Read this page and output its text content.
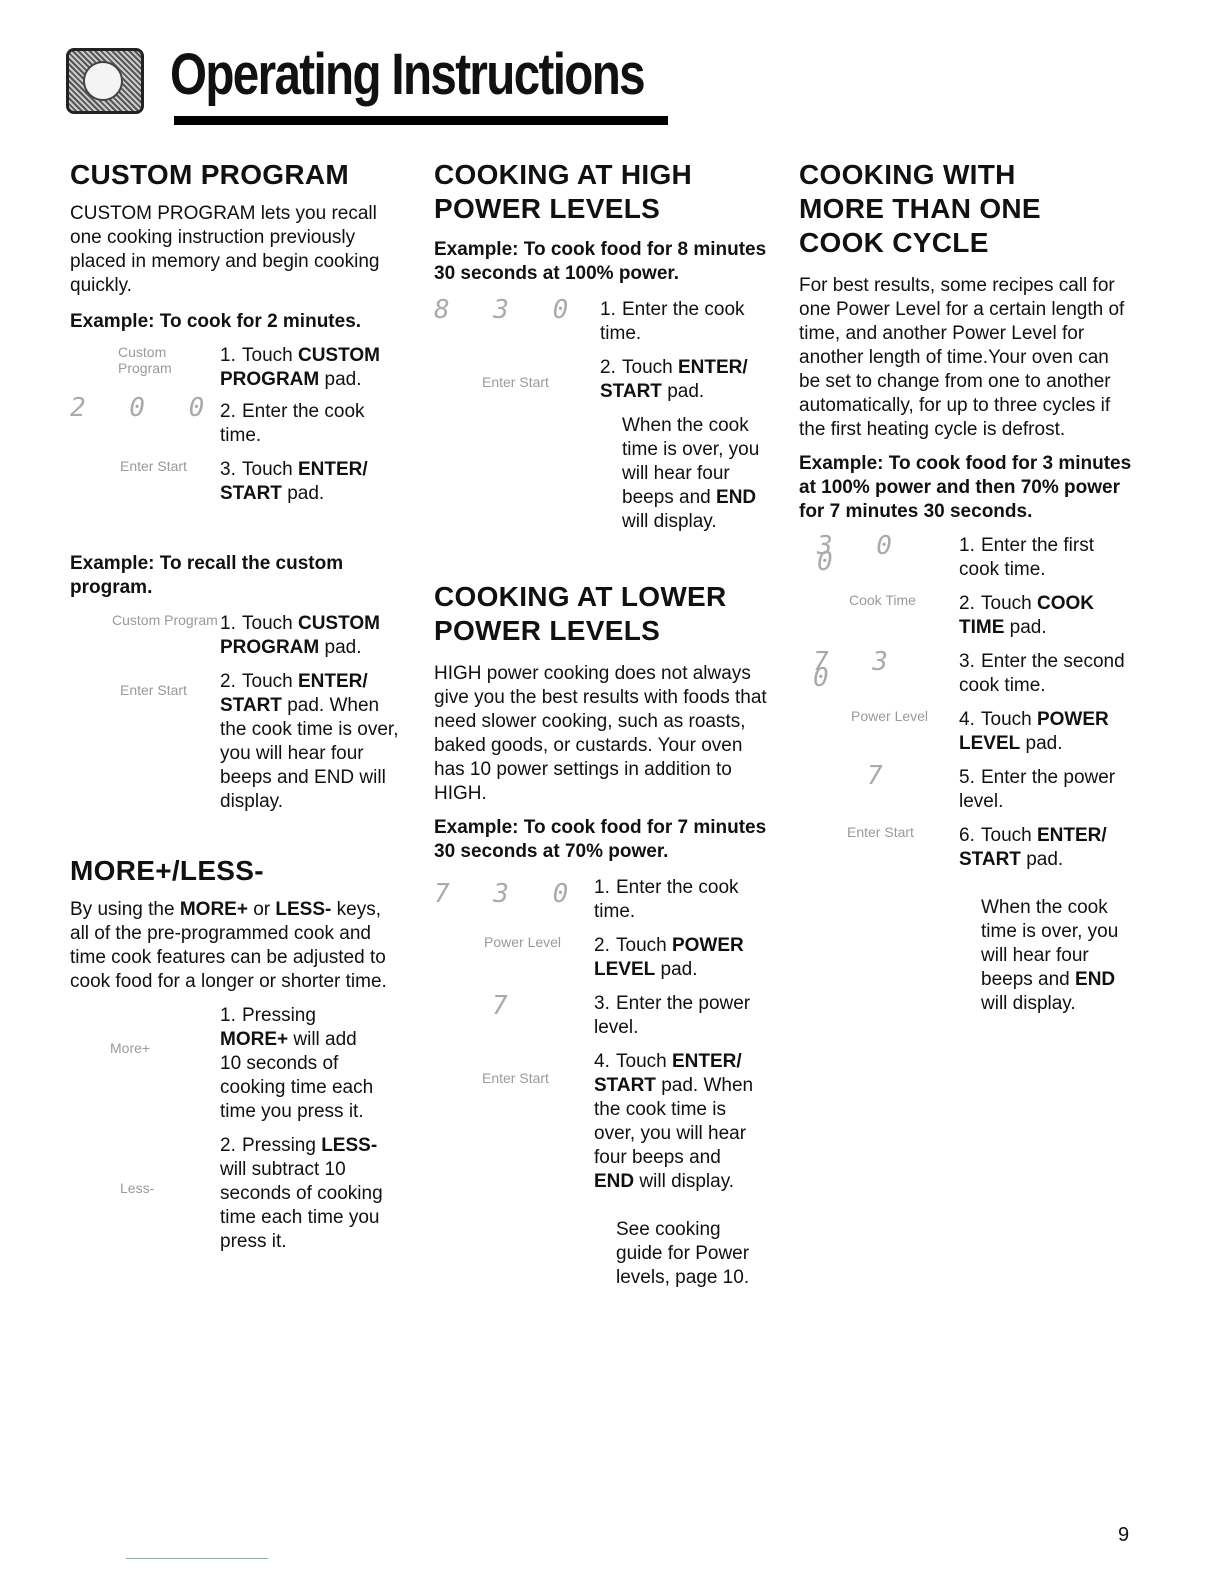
Operating Instructions
CUSTOM PROGRAM

CUSTOM PROGRAM lets you recall one cooking instruction previously placed in memory and begin cooking quickly.

Example: To cook for 2 minutes.

Custom Program
1. Touch CUSTOM PROGRAM pad.
2 0 0 2. Enter the cook time.
Enter Start	3. Touch ENTER/ START pad.

Example: To recall the custom program.

Custom Program 1. Touch CUSTOM PROGRAM pad.
Enter Start	2. Touch ENTER/ START pad. When the cook time is over, you will hear four beeps and END will display.
MORE+/LESS-

By using the MORE+ or LESS- keys, all of the pre-programmed cook and time cook features can be adjusted to cook food for a longer or shorter time.

More+
1. Pressing MORE+ will add 10 seconds of cooking time each time you press it.
Less-
2. Pressing LESS- will subtract 10 seconds of cooking time each time you press it.
COOKING AT HIGH POWER LEVELS

Example: To cook food for 8 minutes 30 seconds at 100% power.

8 3 0 1. Enter the cook time.
Enter Start
2. Touch ENTER/ START pad.
When the cook time is over, you will hear four beeps and END will display.
COOKING AT LOWER POWER LEVELS

HIGH power cooking does not always give you the best results with foods that need slower cooking, such as roasts, baked goods, or custards. Your oven has 10 power settings in addition to HIGH.

Example: To cook food for 7 minutes 30 seconds at 70% power.

7 3 0 1. Enter the cook time.
Power Level	2. Touch POWER LEVEL pad.
7	3. Enter the power level.
Enter Start
4. Touch ENTER/ START pad. When the cook time is over, you will hear four beeps and END will display.
See cooking guide for Power levels, page 10.
COOKING WITH MORE THAN ONE COOK CYCLE

For best results, some recipes call for one Power Level for a certain length of time, and another Power Level for another length of time.Your oven can be set to change from one to another automatically, for up to three cycles if the first heating cycle is defrost.

Example: To cook food for 3 minutes at 100% power and then 70% power for 7 minutes 30 seconds.

3 0 0
1. Enter the first cook time.
Cook Time	2. Touch COOK TIME pad.
7 3 0
3. Enter the second cook time.
Power Level	4. Touch POWER LEVEL pad.
7	5. Enter the power level.
Enter Start	6. Touch ENTER/ START pad.
When the cook time is over, you will hear four beeps and END will display.
9
